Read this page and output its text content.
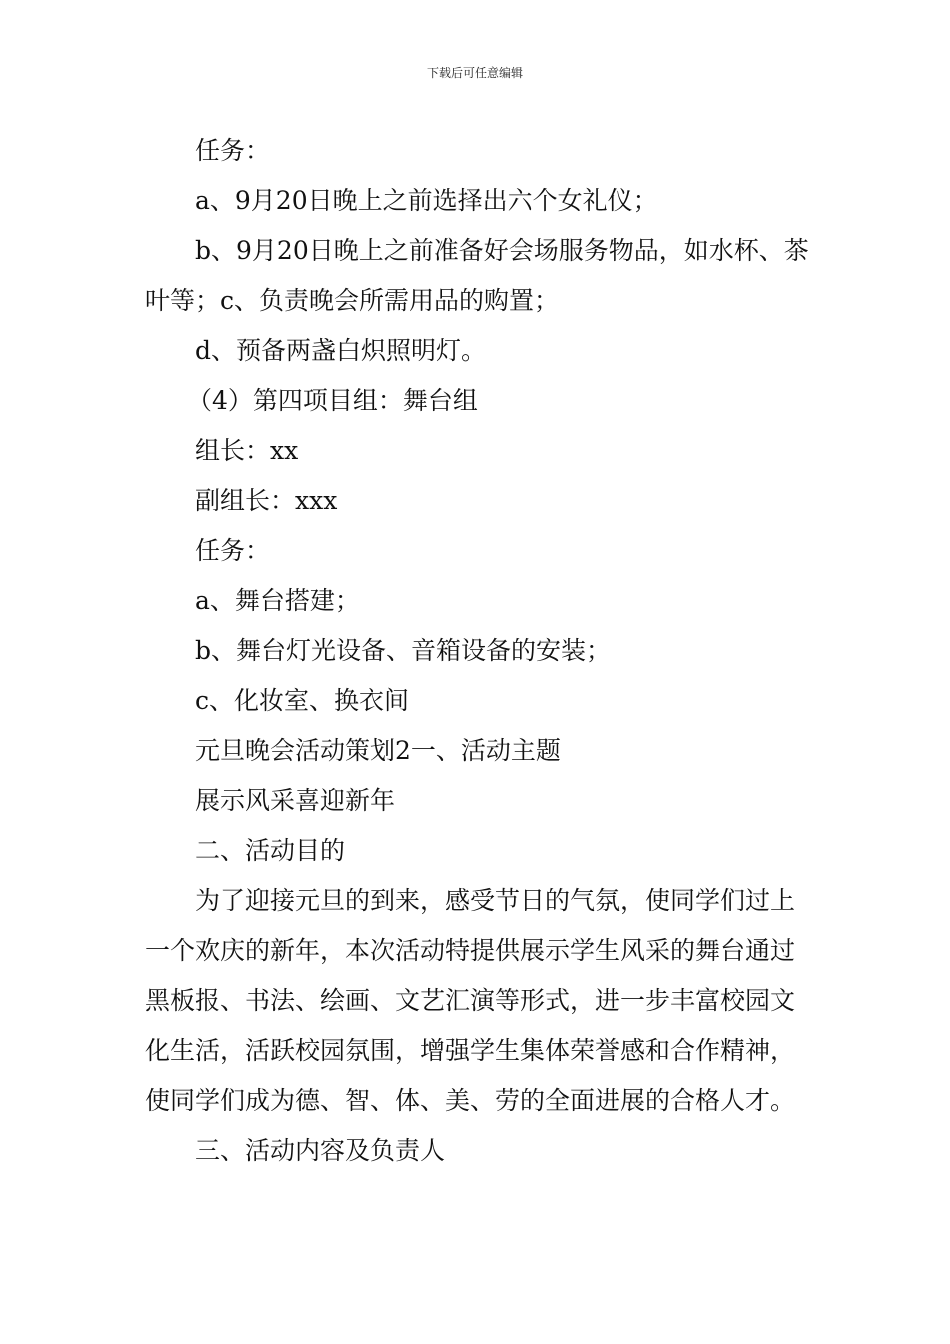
下载后可任意编辑

任务：

a、9月20日晚上之前选择出六个女礼仪；

b、9月20日晚上之前准备好会场服务物品，如水杯、茶叶等；c、负责晚会所需用品的购置；

d、预备两盏白炽照明灯。

（4）第四项目组：舞台组

组长：xx

副组长：xxx

任务：

a、舞台搭建；

b、舞台灯光设备、音箱设备的安装；

c、化妆室、换衣间

元旦晚会活动策划2一、活动主题

展示风采喜迎新年

二、活动目的

为了迎接元旦的到来，感受节日的气氛，使同学们过上一个欢庆的新年，本次活动特提供展示学生风采的舞台通过黑板报、书法、绘画、文艺汇演等形式，进一步丰富校园文化生活，活跃校园氛围，增强学生集体荣誉感和合作精神，使同学们成为德、智、体、美、劳的全面进展的合格人才。

三、活动内容及负责人
